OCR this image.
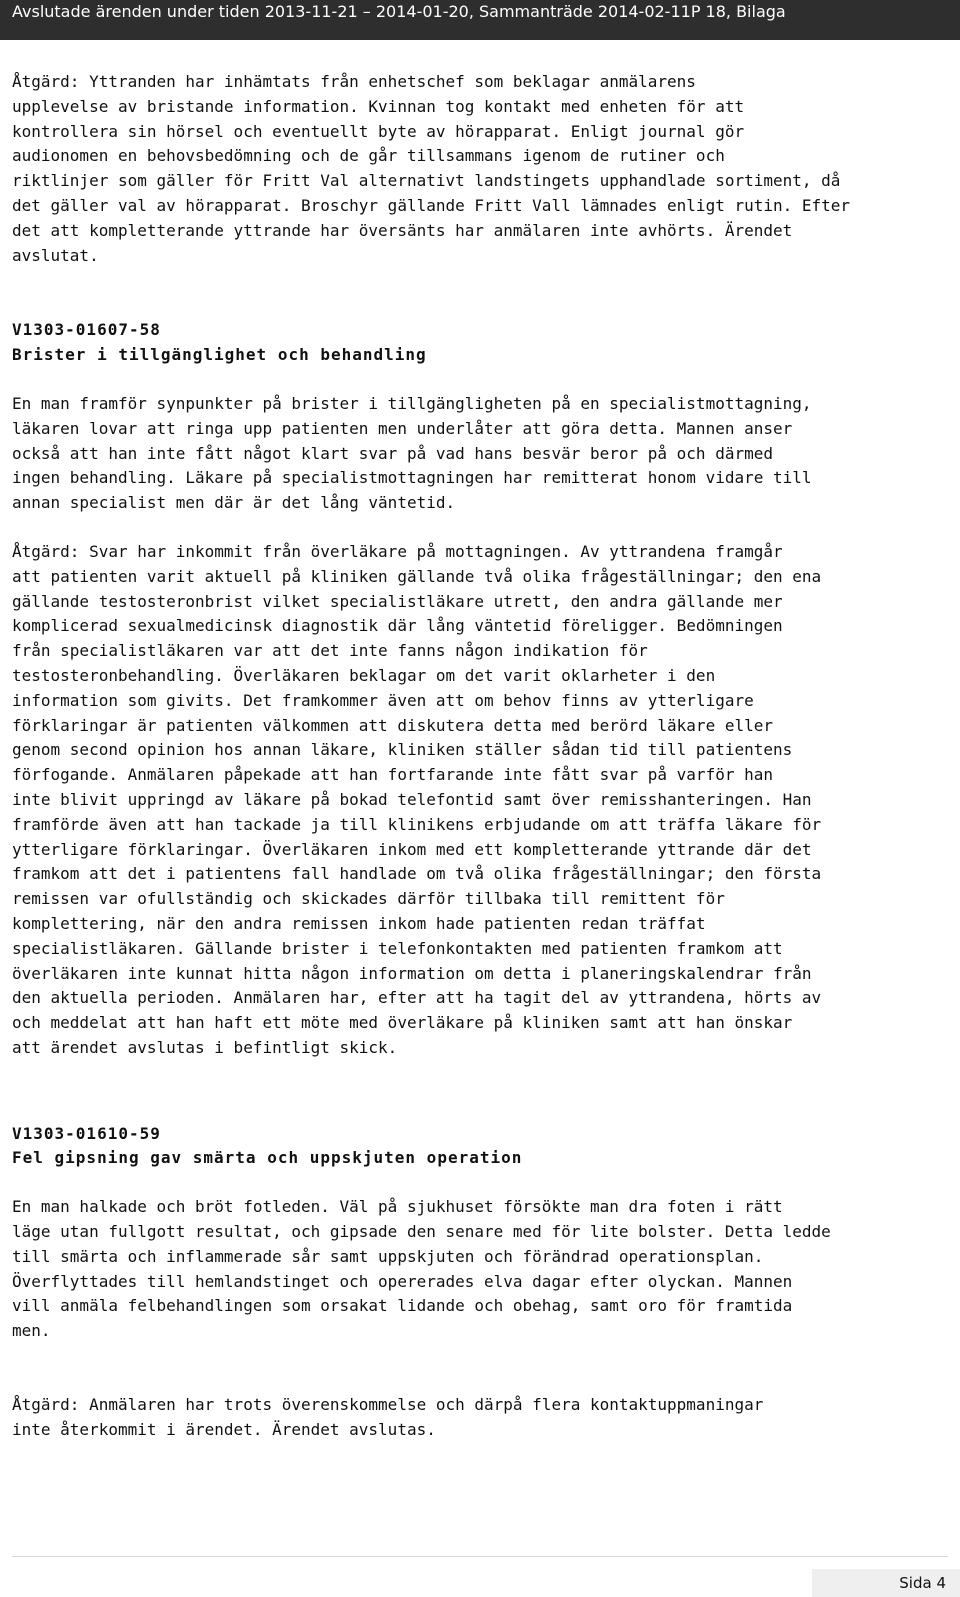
Avslutade ärenden under tiden 2013-11-21 – 2014-01-20, Sammanträde 2014-02-11P 18, Bilaga

Åtgärd: Yttranden har inhämtats från enhetschef som beklagar anmälarens
upplevelse av bristande information. Kvinnan tog kontakt med enheten för att
kontrollera sin hörsel och eventuellt byte av hörapparat. Enligt journal gör
audionomen en behovsbedömning och de går tillsammans igenom de rutiner och
riktlinjer som gäller för Fritt Val alternativt landstingets upphandlade sortiment, då
det gäller val av hörapparat. Broschyr gällande Fritt Vall lämnades enligt rutin. Efter
det att kompletterande yttrande har översänts har anmälaren inte avhörts. Ärendet
avslutat.

V1303-01607-58

Brister i tillgänglighet och behandling

En man framför synpunkter på brister i tillgängligheten på en specialistmottagning,
läkaren lovar att ringa upp patienten men underlåter att göra detta. Mannen anser
också att han inte fått något klart svar på vad hans besvär beror på och därmed
ingen behandling. Läkare på specialistmottagningen har remitterat honom vidare till
annan specialist men där är det lång väntetid.

Åtgärd: Svar har inkommit från överläkare på mottagningen. Av yttrandena framgår
att patienten varit aktuell på kliniken gällande två olika frågeställningar; den ena
gällande testosteronbrist vilket specialistläkare utrett, den andra gällande mer
komplicerad sexualmedicinsk diagnostik där lång väntetid föreligger. Bedömningen
från specialistläkaren var att det inte fanns någon indikation för
testosteronbehandling. Överläkaren beklagar om det varit oklarheter i den
information som givits. Det framkommer även att om behov finns av ytterligare
förklaringar är patienten välkommen att diskutera detta med berörd läkare eller
genom second opinion hos annan läkare, kliniken ställer sådan tid till patientens
förfogande. Anmälaren påpekade att han fortfarande inte fått svar på varför han
inte blivit uppringd av läkare på bokad telefontid samt över remisshanteringen. Han
framförde även att han tackade ja till klinikens erbjudande om att träffa läkare för
ytterligare förklaringar. Överläkaren inkom med ett kompletterande yttrande där det
framkom att det i patientens fall handlade om två olika frågeställningar; den första
remissen var ofullständig och skickades därför tillbaka till remittent för
komplettering, när den andra remissen inkom hade patienten redan träffat
specialistläkaren. Gällande brister i telefonkontakten med patienten framkom att
överläkaren inte kunnat hitta någon information om detta i planeringskalendrar från
den aktuella perioden. Anmälaren har, efter att ha tagit del av yttrandena, hörts av
och meddelat att han haft ett möte med överläkare på kliniken samt att han önskar
att ärendet avslutas i befintligt skick.

V1303-01610-59

Fel gipsning gav smärta och uppskjuten operation

En man halkade och bröt fotleden. Väl på sjukhuset försökte man dra foten i rätt
läge utan fullgott resultat, och gipsade den senare med för lite bolster. Detta ledde
till smärta och inflammerade sår samt uppskjuten och förändrad operationsplan.
Överflyttades till hemlandstinget och opererades elva dagar efter olyckan. Mannen
vill anmäla felbehandlingen som orsakat lidande och obehag, samt oro för framtida
men.

Åtgärd: Anmälaren har trots överenskommelse och därpå flera kontaktuppmaningar
inte återkommit i ärendet. Ärendet avslutas.

Sida 4
